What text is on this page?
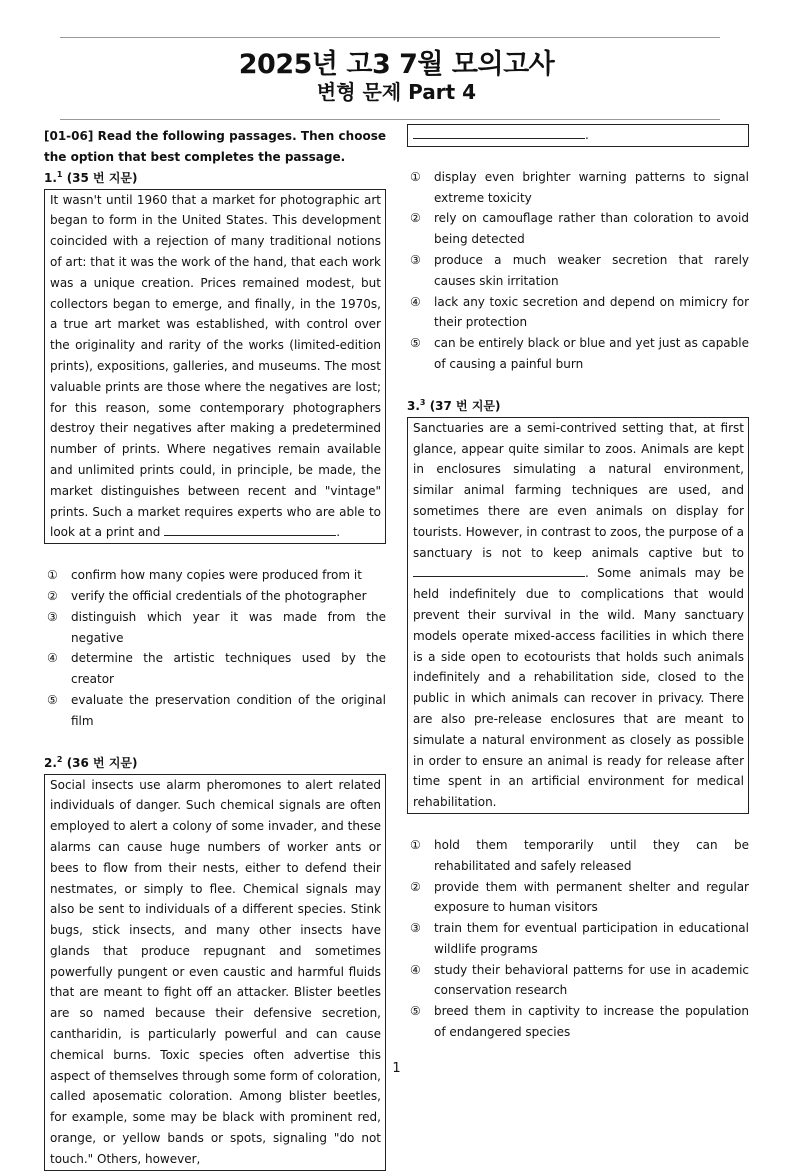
2025년 고3 7월 모의고사
변형 문제 Part 4
[01-06] Read the following passages. Then choose the option that best completes the passage.
1.$^1$ (35 번 지문)
It wasn't until 1960 that a market for photographic art began to form in the United States. This development coincided with a rejection of many traditional notions of art: that it was the work of the hand, that each work was a unique creation. Prices remained modest, but collectors began to emerge, and finally, in the 1970s, a true art market was established, with control over the originality and rarity of the works (limited-edition prints), expositions, galleries, and museums. The most valuable prints are those where the negatives are lost; for this reason, some contemporary photographers destroy their negatives after making a predetermined number of prints. Where negatives remain available and unlimited prints could, in principle, be made, the market distinguishes between recent and "vintage" prints. Such a market requires experts who are able to look at a print and	.
①	confirm how many copies were produced from it
②	verify the official credentials of the photographer
③	distinguish which year it was made from the negative
④	determine the artistic techniques used by the creator
⑤	evaluate the preservation condition of the original film
2.$^2$ (36 번 지문)
Social insects use alarm pheromones to alert related individuals of danger. Such chemical signals are often employed to alert a colony of some invader, and these alarms can cause huge numbers of worker ants or bees to flow from their nests, either to defend their nestmates, or simply to flee. Chemical signals may also be sent to individuals of a different species. Stink bugs, stick insects, and many other insects have glands that produce repugnant and sometimes powerfully pungent or even caustic and harmful fluids that are meant to fight off an attacker. Blister beetles are so named because their defensive secretion, cantharidin, is particularly powerful and can cause chemical burns. Toxic species often advertise this aspect of themselves through some form of coloration, called aposematic coloration. Among blister beetles, for example, some may be black with prominent red, orange, or yellow bands or spots, signaling "do not touch." Others, however,
.
①	display even brighter warning patterns to signal extreme toxicity
②	rely on camouflage rather than coloration to avoid being detected
③	produce a much weaker secretion that rarely causes skin irritation
④	lack any toxic secretion and depend on mimicry for their protection
⑤	can be entirely black or blue and yet just as capable of causing a painful burn
3.$^3$ (37 번 지문)
Sanctuaries are a semi-contrived setting that, at first glance, appear quite similar to zoos. Animals are kept in enclosures simulating a natural environment, similar animal farming techniques are used, and sometimes there are even animals on display for tourists. However, in contrast to zoos, the purpose of a sanctuary is not to keep animals captive but to . Some animals may be held indefinitely due to complications that would prevent their survival in the wild. Many sanctuary models operate mixed-access facilities in which there is a side open to ecotourists that holds such animals indefinitely and a rehabilitation side, closed to the public in which animals can recover in privacy. There are also pre-release enclosures that are meant to simulate a natural environment as closely as possible in order to ensure an animal is ready for release after time spent in an artificial environment for medical rehabilitation.
①	hold them temporarily until they can be rehabilitated and safely released
②	provide them with permanent shelter and regular exposure to human visitors
③	train them for eventual participation in educational wildlife programs
④	study their behavioral patterns for use in academic conservation research
⑤	breed them in captivity to increase the population of endangered species
1
